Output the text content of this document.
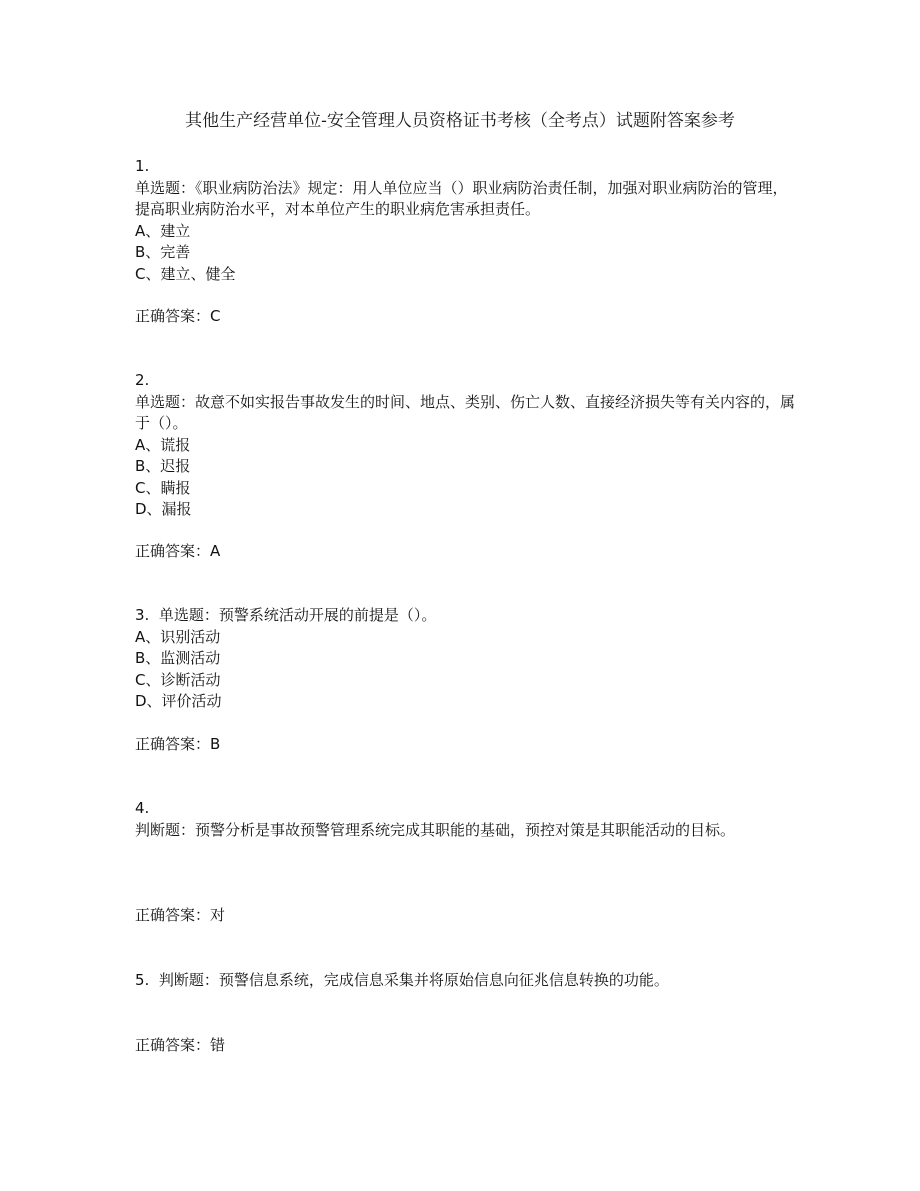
其他生产经营单位-安全管理人员资格证书考核（全考点）试题附答案参考
1.
单选题：《职业病防治法》规定：用人单位应当（）职业病防治责任制，加强对职业病防治的管理，提高职业病防治水平，对本单位产生的职业病危害承担责任。
A、建立
B、完善
C、建立、健全
正确答案：C
2.
单选题：故意不如实报告事故发生的时间、地点、类别、伤亡人数、直接经济损失等有关内容的，属于（）。
A、谎报
B、迟报
C、瞒报
D、漏报
正确答案：A
3. 单选题：预警系统活动开展的前提是（）。
A、识别活动
B、监测活动
C、诊断活动
D、评价活动
正确答案：B
4.
判断题：预警分析是事故预警管理系统完成其职能的基础，预控对策是其职能活动的目标。
正确答案：对
5. 判断题：预警信息系统，完成信息采集并将原始信息向征兆信息转换的功能。
正确答案：错
